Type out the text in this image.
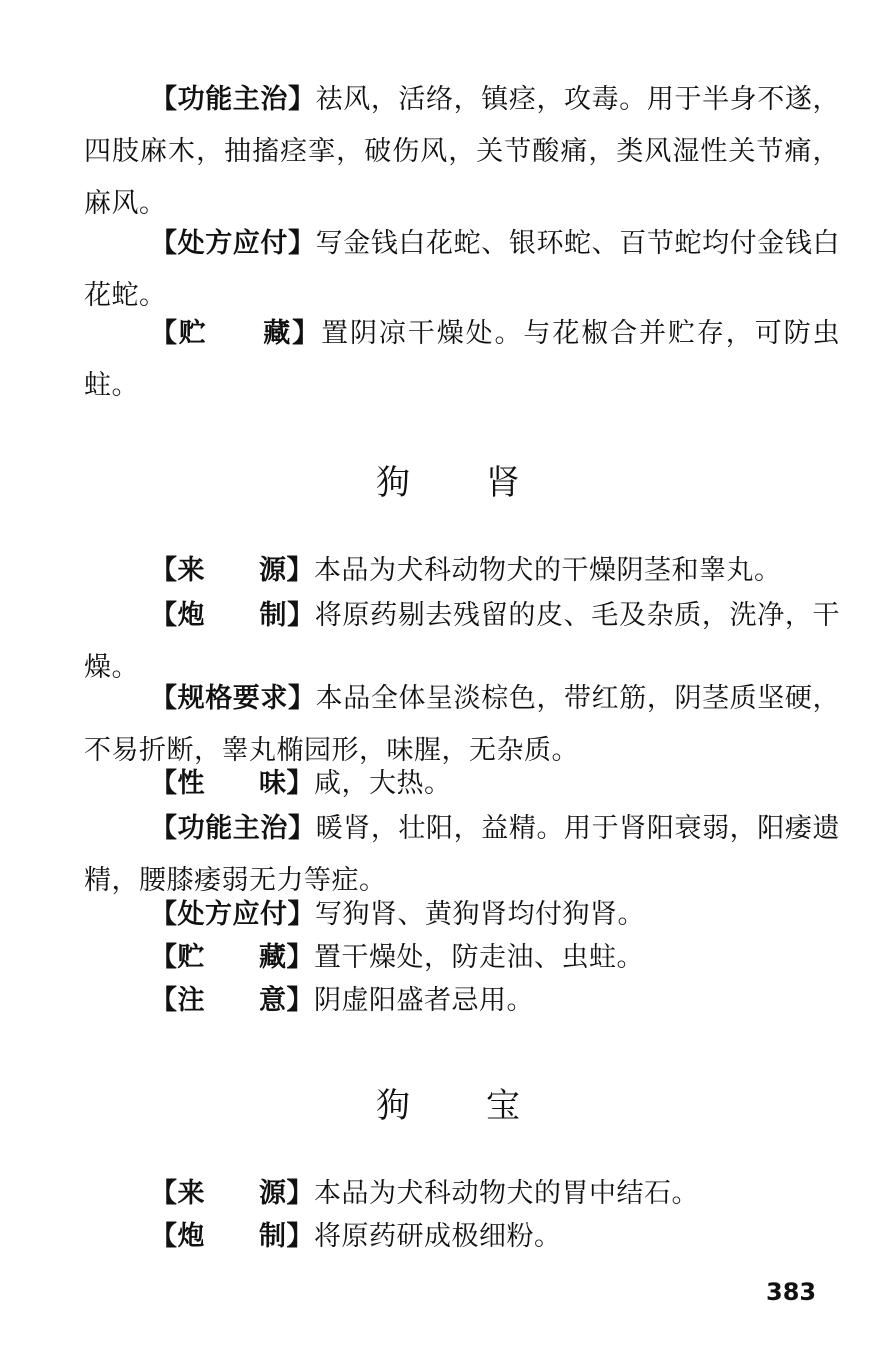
【功能主治】祛风，活络，镇痉，攻毒。用于半身不遂，四肢麻木，抽搐痉挛，破伤风，关节酸痛，类风湿性关节痛，麻风。

【处方应付】写金钱白花蛇、银环蛇、百节蛇均付金钱白花蛇。

【贮 藏】置阴凉干燥处。与花椒合并贮存，可防虫蛀。

狗 肾

【来 源】本品为犬科动物犬的干燥阴茎和睾丸。

【炮 制】将原药剔去残留的皮、毛及杂质，洗净，干燥。

【规格要求】本品全体呈淡棕色，带红筋，阴茎质坚硬，不易折断，睾丸椭园形，味腥，无杂质。

【性 味】咸，大热。

【功能主治】暖肾，壮阳，益精。用于肾阳衰弱，阳痿遗精，腰膝痿弱无力等症。

【处方应付】写狗肾、黄狗肾均付狗肾。

【贮 藏】置干燥处，防走油、虫蛀。

【注 意】阴虚阳盛者忌用。

狗 宝

【来 源】本品为犬科动物犬的胃中结石。

【炮 制】将原药研成极细粉。

383
